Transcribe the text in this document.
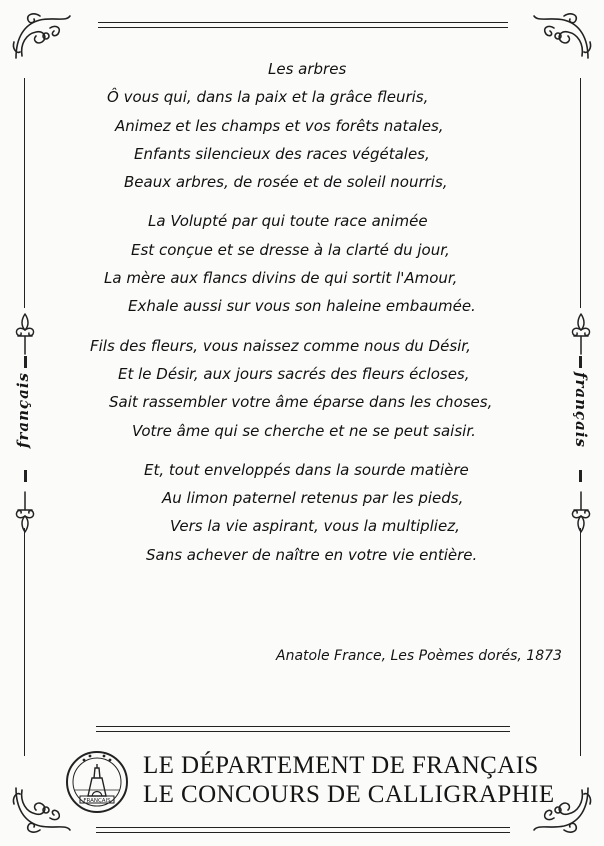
français	français
Les arbres
Ô vous qui, dans la paix et la grâce fleuris,
Animez et les champs et vos forêts natales,
Enfants silencieux des races végétales,
Beaux arbres, de rosée et de soleil nourris,
La Volupté par qui toute race animée
Est conçue et se dresse à la clarté du jour,
La mère aux flancs divins de qui sortit l'Amour,
Exhale aussi sur vous son haleine embaumée.
Fils des fleurs, vous naissez comme nous du Désir,
Et le Désir, aux jours sacrés des fleurs écloses,
Sait rassembler votre âme éparse dans les choses,
Votre âme qui se cherche et ne se peut saisir.
Et, tout enveloppés dans la sourde matière
Au limon paternel retenus par les pieds,
Vers la vie aspirant, vous la multipliez,
Sans achever de naître en votre vie entière.
Anatole France, Les Poèmes dorés, 1873
FRANÇAIS
LE DÉPARTEMENT DE FRANÇAIS
LE CONCOURS DE CALLIGRAPHIE
